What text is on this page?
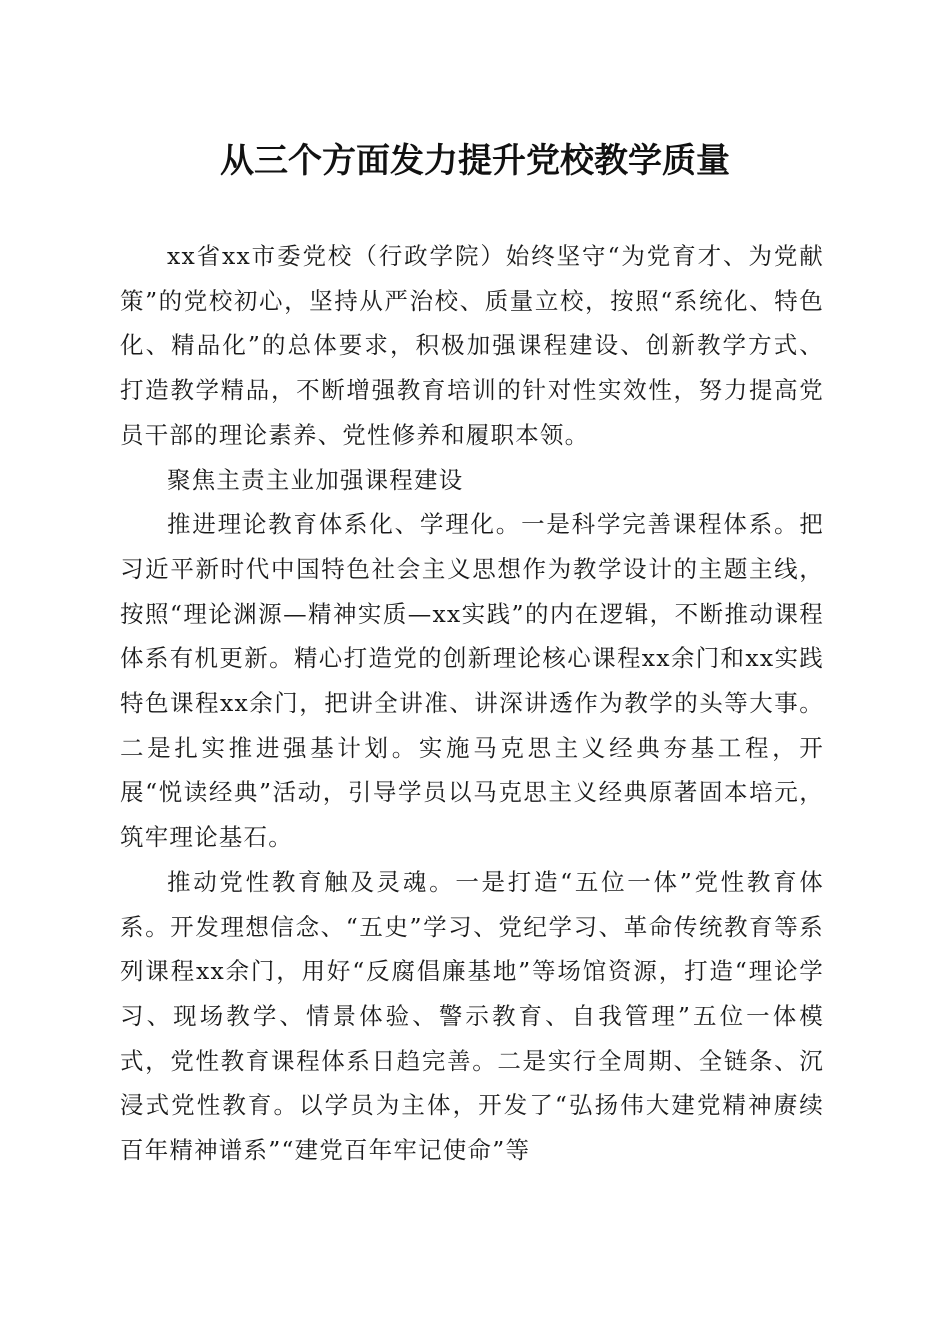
从三个方面发力提升党校教学质量

xx省xx市委党校（行政学院）始终坚守“为党育才、为党献策”的党校初心，坚持从严治校、质量立校，按照“系统化、特色化、精品化”的总体要求，积极加强课程建设、创新教学方式、打造教学精品，不断增强教育培训的针对性实效性，努力提高党员干部的理论素养、党性修养和履职本领。

聚焦主责主业加强课程建设

推进理论教育体系化、学理化。一是科学完善课程体系。把习近平新时代中国特色社会主义思想作为教学设计的主题主线，按照“理论渊源—精神实质—xx实践”的内在逻辑，不断推动课程体系有机更新。精心打造党的创新理论核心课程xx余门和xx实践特色课程xx余门，把讲全讲准、讲深讲透作为教学的头等大事。二是扎实推进强基计划。实施马克思主义经典夯基工程，开展“悦读经典”活动，引导学员以马克思主义经典原著固本培元，筑牢理论基石。

推动党性教育触及灵魂。一是打造“五位一体”党性教育体系。开发理想信念、“五史”学习、党纪学习、革命传统教育等系列课程xx余门，用好“反腐倡廉基地”等场馆资源，打造“理论学习、现场教学、情景体验、警示教育、自我管理”五位一体模式，党性教育课程体系日趋完善。二是实行全周期、全链条、沉浸式党性教育。以学员为主体，开发了“弘扬伟大建党精神赓续百年精神谱系”“建党百年牢记使命”等
